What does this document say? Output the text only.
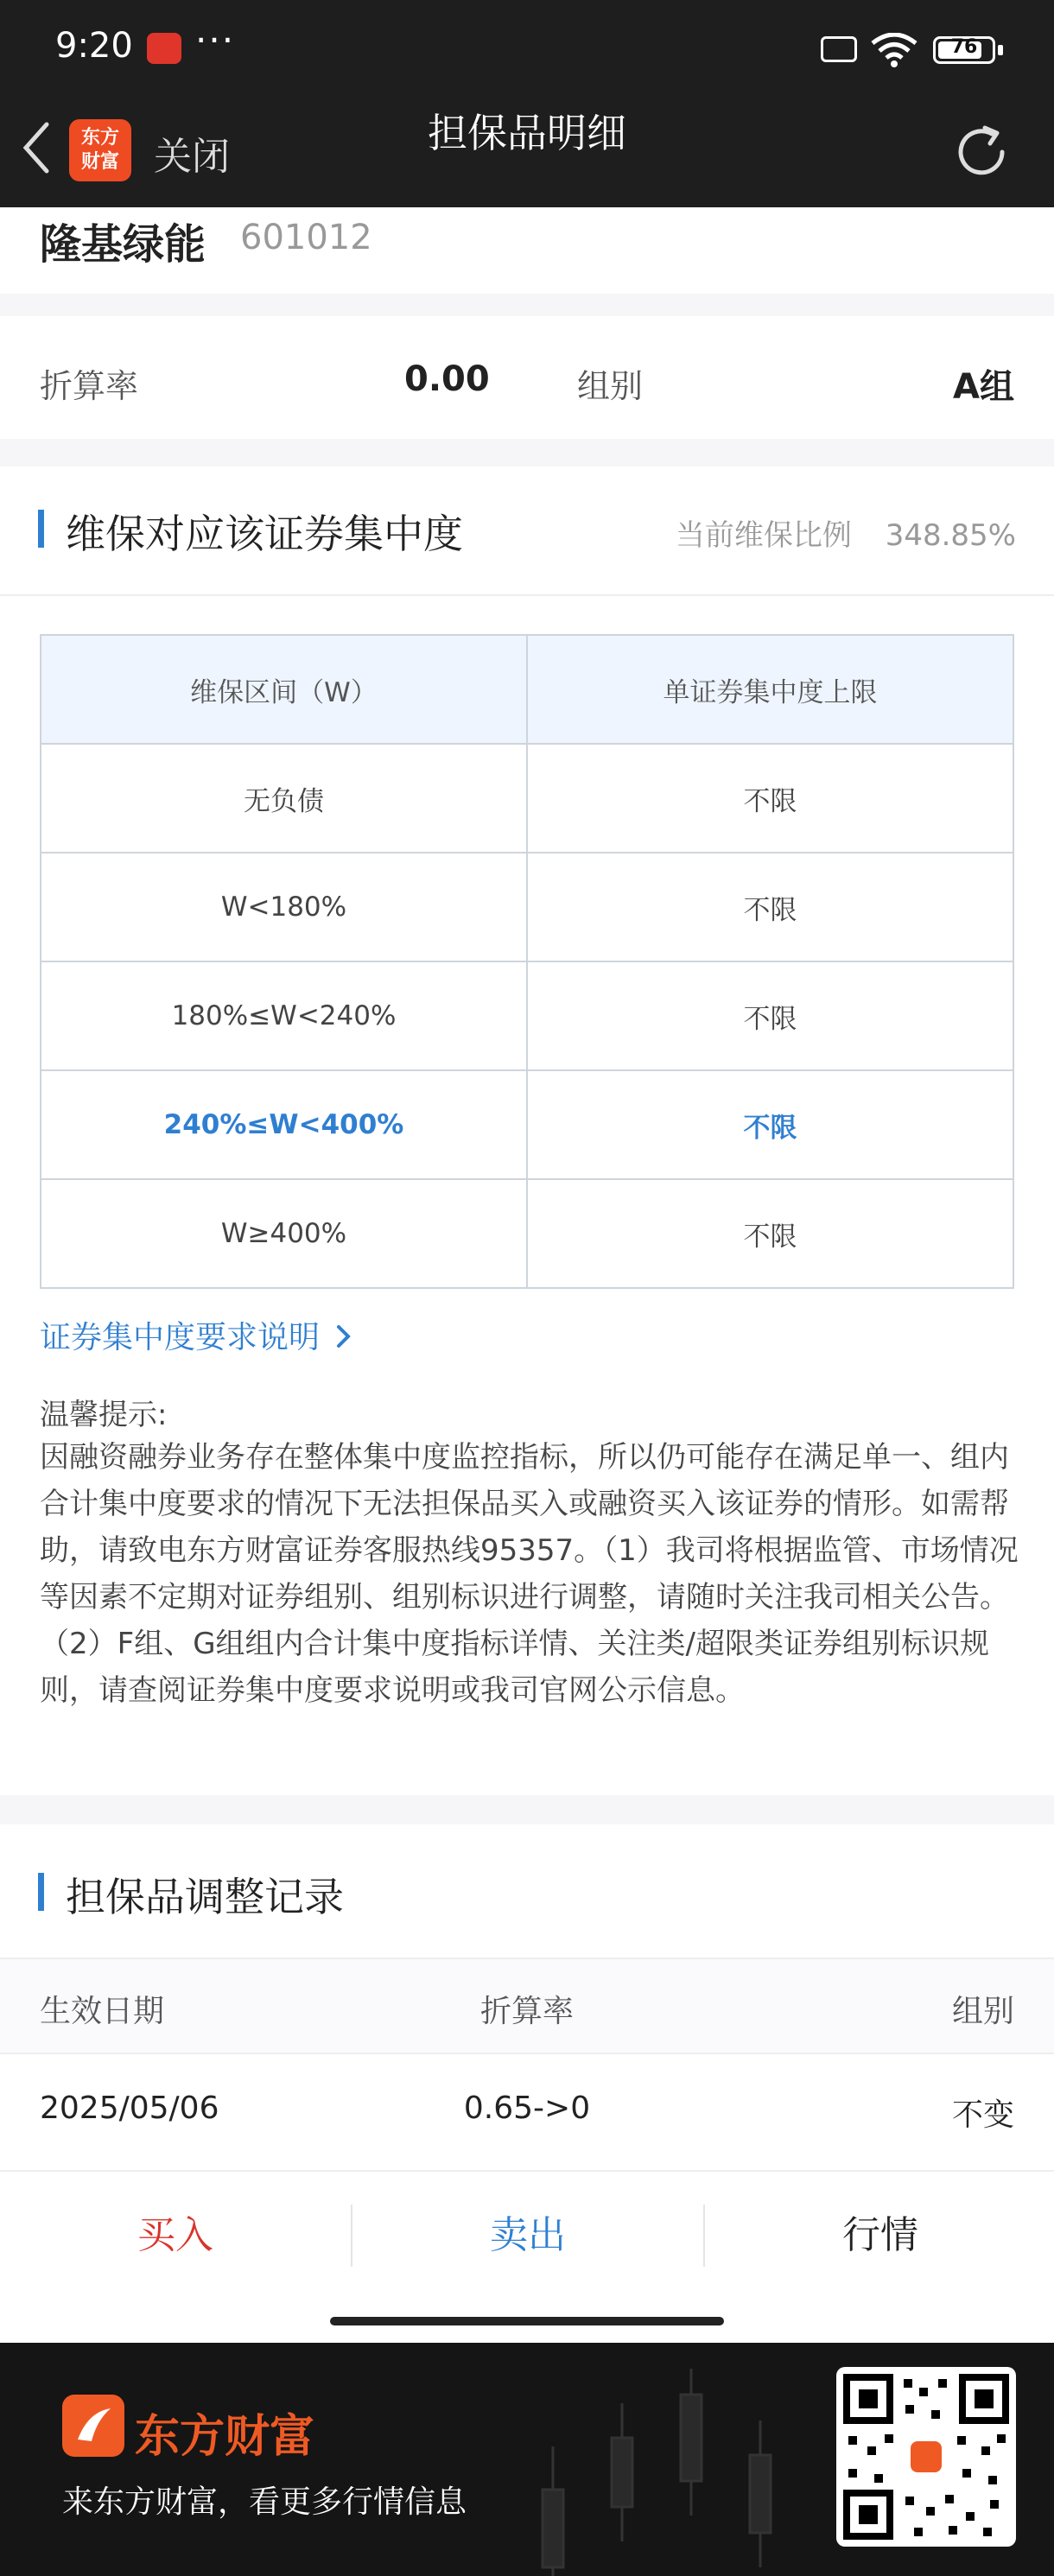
9:20 ···	76
东方
财富 关闭
担保品明细
隆基绿能 601012
折算率	0.00	组别	A组
维保对应该证券集中度	当前维保比例 348.85%
维保区间（W）	单证券集中度上限
无负债	不限
W<180%	不限
180%≤W<240%	不限
240%≤W<400%	不限
W≥400%	不限
证券集中度要求说明
温馨提示:
因融资融券业务存在整体集中度监控指标，所以仍可能存在满足单一、组内合计集中度要求的情况下无法担保品买入或融资买入该证券的情形。如需帮助，请致电东方财富证券客服热线95357。（1）我司将根据监管、市场情况等因素不定期对证券组别、组别标识进行调整，请随时关注我司相关公告。（2）F组、G组组内合计集中度指标详情、关注类/超限类证券组别标识规则，请查阅证券集中度要求说明或我司官网公示信息。
担保品调整记录
生效日期	折算率	组别
2025/05/06	0.65->0	不变
买入	卖出	行情
东方财富
来东方财富，看更多行情信息
